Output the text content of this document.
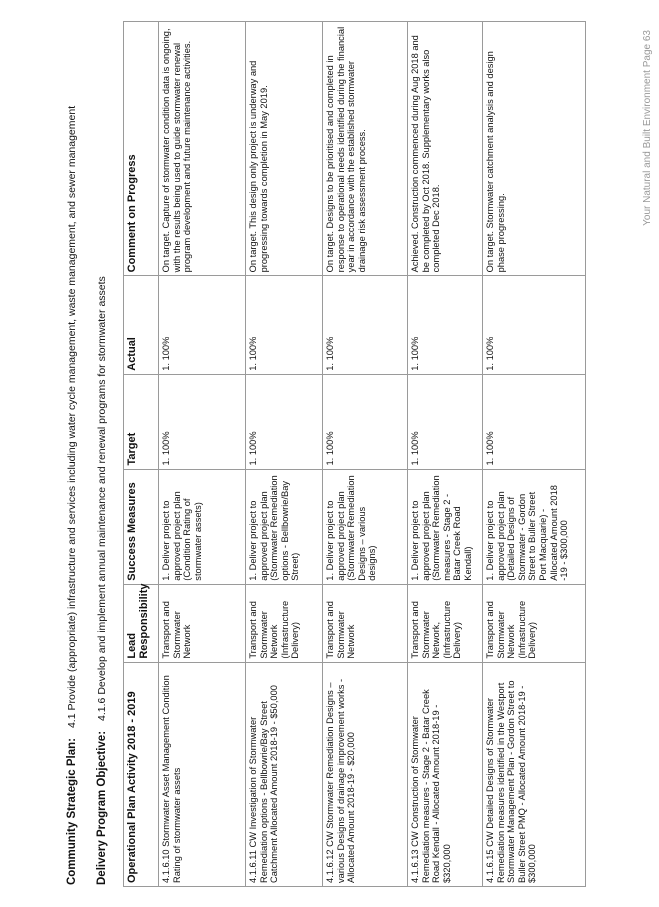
Community Strategic Plan:4.1 Provide (appropriate) infrastructure and services including water cycle management, waste management, and sewer management
Delivery Program Objective:4.1.6 Develop and implement annual maintenance and renewal programs for stormwater assets
Operational Plan Activity 2018 - 2019	Lead Responsibility	Success Measures	Target	Actual	Comment on Progress
4.1.6.10 Stormwater Asset Management Condition Rating of stormwater assets	Transport and Stormwater Network	1. Deliver project to approved project plan (Condition Rating of stormwater assets)	1. 100%	1. 100%	On target. Capture of stormwater condition data is ongoing, with the results being used to guide stormwater renewal program development and future maintenance activities.
4.1.6.11 CW Investigation of Stormwater Remediation options - Bellbowrie/Bay Street Catchment Allocated Amount 2018-19 - $50,000	Transport and Stormwater Network (Infrastructure Delivery)	1. Deliver project to approved project plan (Stormwater Remediation options - Bellbowrie/Bay Street)	1. 100%	1. 100%	On target. This design only project is underway and progressing towards completion in May 2019.
4.1.6.12 CW Stormwater Remediation Designs – various Designs of drainage improvement works - Allocated Amount 2018-19 - $20,000	Transport and Stormwater Network	1. Deliver project to approved project plan (Stormwater Remediation Designs – various designs)	1. 100%	1. 100%	On target. Designs to be prioritised and completed in response to operational needs identified during the financial year in accordance with the established stormwater drainage risk assessment process.
4.1.6.13 CW Construction of Stormwater Remediation measures - Stage 2 - Batar Creek Road Kendall - Allocated Amount 2018-19 - $320,000	Transport and Stormwater Network, (Infrastructure Delivery)	1. Deliver project to approved project plan (Stormwater Remediation measures - Stage 2 - Batar Creek Road Kendall)	1. 100%	1. 100%	Achieved. Construction commenced during Aug 2018 and be completed by Oct 2018. Supplementary works also completed Dec 2018.
4.1.6.15 CW Detailed Designs of Stormwater Remediation measures identified in the Westport Stormwater Management Plan - Gordon Street to Buller Street PMQ - Allocated Amount 2018-19 - $300,000	Transport and Stormwater Network (Infrastructure Delivery)	1. Deliver project to approved project plan (Detailed Designs of Stormwater - Gordon Street to Buller Street Port Macquarie) - Allocated Amount 2018 -19 - $300,000	1. 100%	1. 100%	On target. Stormwater catchment analysis and design phase progressing.
Your Natural and Built Environment Page 63
